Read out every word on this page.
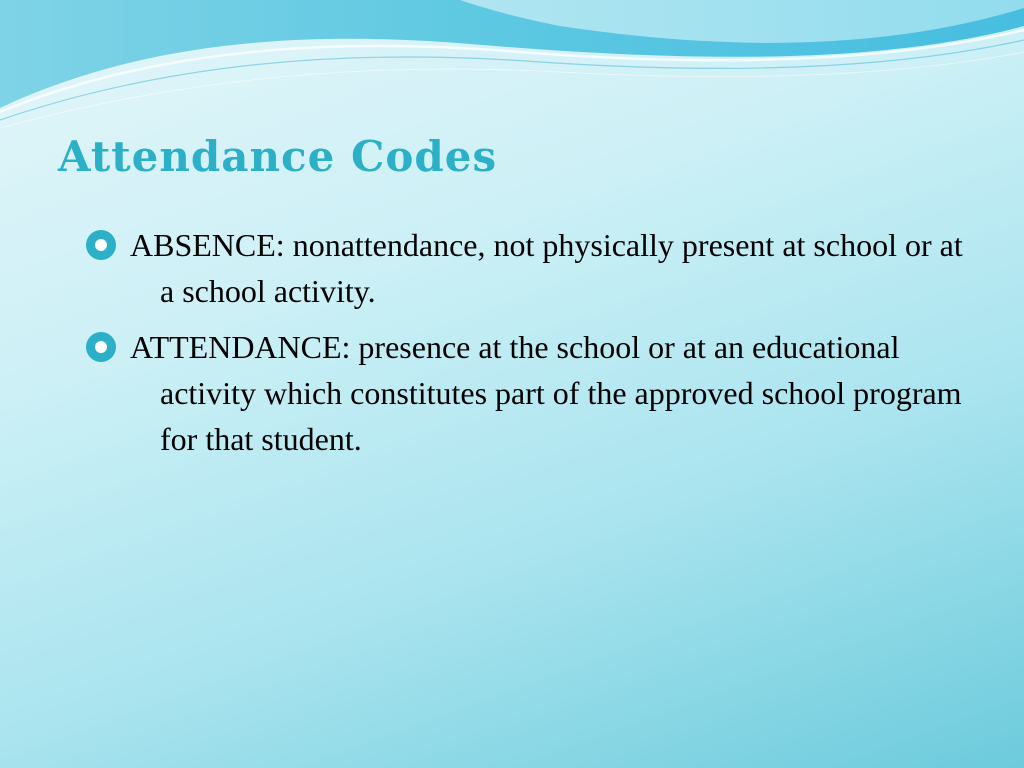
Attendance Codes
ABSENCE: nonattendance, not physically present at school or at a school activity.
ATTENDANCE: presence at the school or at an educational activity which constitutes part of the approved school program for that student.
